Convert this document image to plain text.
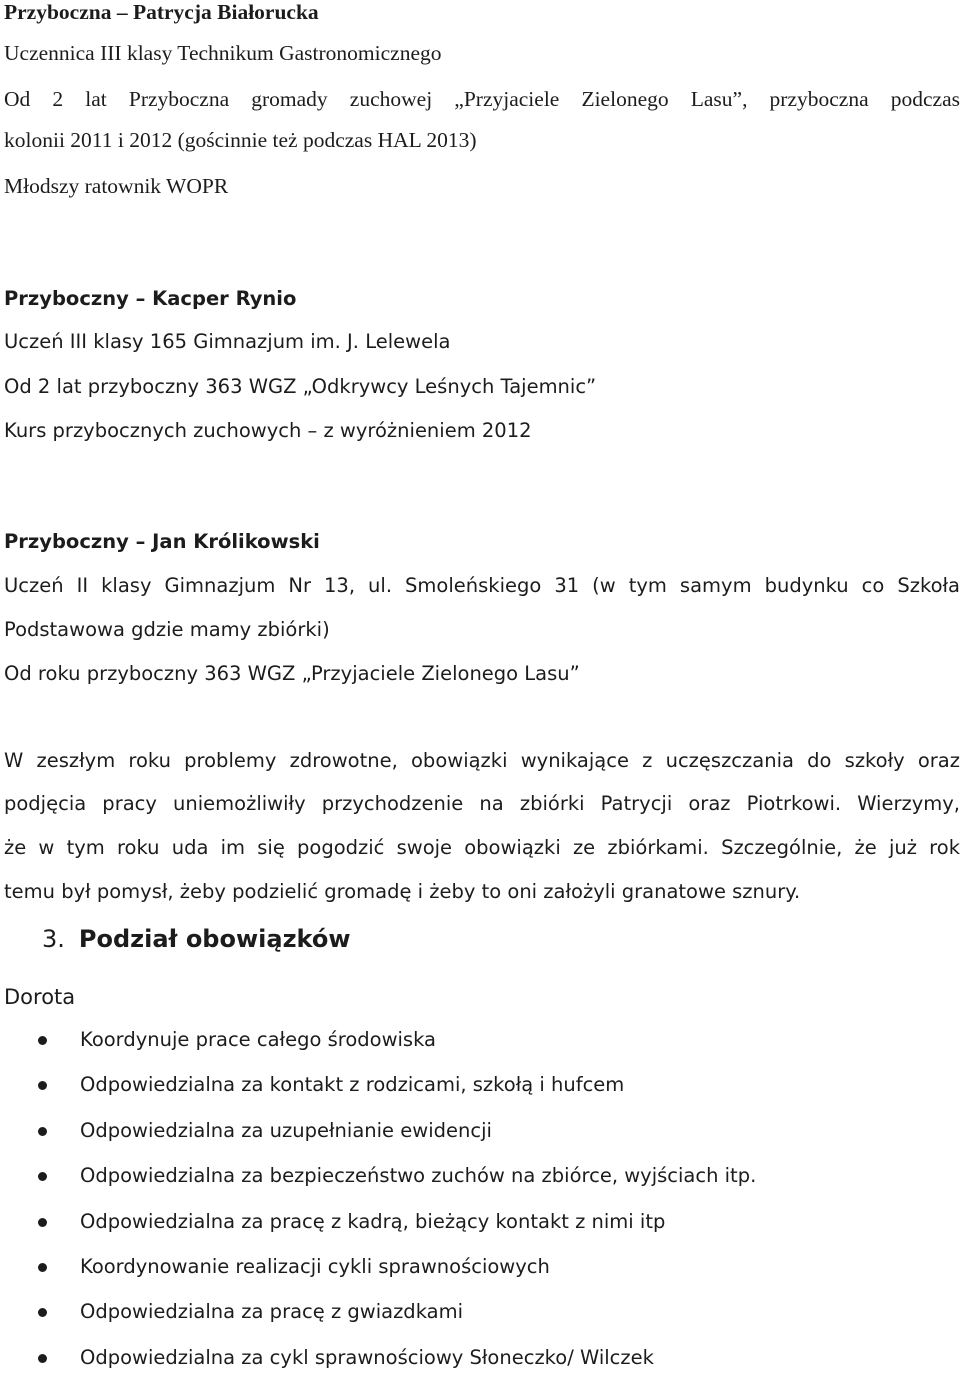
Przyboczna – Patrycja Białorucka
Uczennica III klasy Technikum Gastronomicznego
Od 2 lat Przyboczna gromady zuchowej „Przyjaciele Zielonego Lasu”, przyboczna podczas
kolonii 2011 i 2012 (gościnnie też podczas HAL 2013)
Młodszy ratownik WOPR
Przyboczny – Kacper Rynio
Uczeń III klasy 165 Gimnazjum im. J. Lelewela
Od 2 lat przyboczny 363 WGZ „Odkrywcy Leśnych Tajemnic”
Kurs przybocznych zuchowych – z wyróżnieniem 2012
Przyboczny – Jan Królikowski
Uczeń II klasy Gimnazjum Nr 13, ul. Smoleńskiego 31 (w tym samym budynku co Szkoła
Podstawowa gdzie mamy zbiórki)
Od roku przyboczny 363 WGZ „Przyjaciele Zielonego Lasu”
W zeszłym roku problemy zdrowotne, obowiązki wynikające z uczęszczania do szkoły oraz
podjęcia pracy uniemożliwiły przychodzenie na zbiórki Patrycji oraz Piotrkowi. Wierzymy,
że w tym roku uda im się pogodzić swoje obowiązki ze zbiórkami. Szczególnie, że już rok
temu był pomysł, żeby podzielić gromadę i żeby to oni założyli granatowe sznury.
3. Podział obowiązków
Dorota
Koordynuje prace całego środowiska
Odpowiedzialna za kontakt z rodzicami, szkołą i hufcem
Odpowiedzialna za uzupełnianie ewidencji
Odpowiedzialna za bezpieczeństwo zuchów na zbiórce, wyjściach itp.
Odpowiedzialna za pracę z kadrą, bieżący kontakt z nimi itp
Koordynowanie realizacji cykli sprawnościowych
Odpowiedzialna za pracę z gwiazdkami
Odpowiedzialna za cykl sprawnościowy Słoneczko/ Wilczek
